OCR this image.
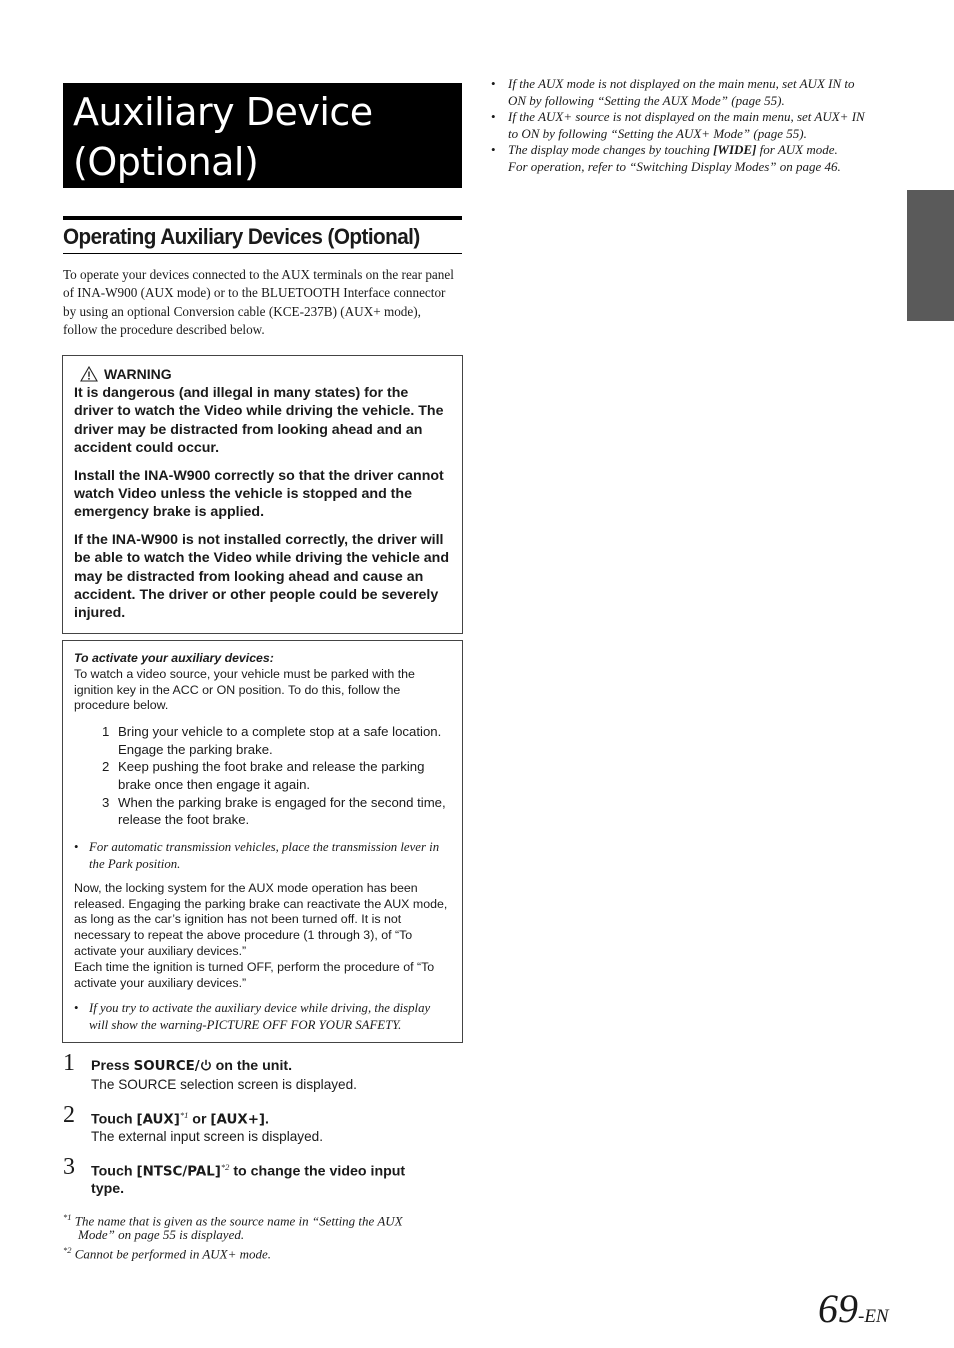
Auxiliary Device
(Optional)
Operating Auxiliary Devices (Optional)
To operate your devices connected to the AUX terminals on the rear panel of INA-W900 (AUX mode) or to the BLUETOOTH Interface connector by using an optional Conversion cable (KCE-237B) (AUX+ mode), follow the procedure described below.
WARNING

It is dangerous (and illegal in many states) for the driver to watch the Video while driving the vehicle. The driver may be distracted from looking ahead and an accident could occur.

Install the INA-W900 correctly so that the driver cannot watch Video unless the vehicle is stopped and the emergency brake is applied.

If the INA-W900 is not installed correctly, the driver will be able to watch the Video while driving the vehicle and may be distracted from looking ahead and cause an accident. The driver or other people could be severely injured.

To activate your auxiliary devices:

To watch a video source, your vehicle must be parked with the ignition key in the ACC or ON position. To do this, follow the procedure below.

1 Bring your vehicle to a complete stop at a safe location. Engage the parking brake.
2 Keep pushing the foot brake and release the parking brake once then engage it again.
3 When the parking brake is engaged for the second time, release the foot brake.
• For automatic transmission vehicles, place the transmission lever in the Park position.

Now, the locking system for the AUX mode operation has been released. Engaging the parking brake can reactivate the AUX mode, as long as the car’s ignition has not been turned off. It is not necessary to repeat the above procedure (1 through 3), of “To activate your auxiliary devices.”

Each time the ignition is turned OFF, perform the procedure of “To activate your auxiliary devices.”

• If you try to activate the auxiliary device while driving, the display will show the warning-PICTURE OFF FOR YOUR SAFETY.
1 Press SOURCE/ on the unit.
The SOURCE selection screen is displayed.
2 Touch [AUX]$^{*1}$ or [AUX+].
The external input screen is displayed.
3 Touch [NTSC/PAL]$^{*2}$ to change the video input
type.
$^{*1}$ The name that is given as the source name in “Setting the AUX
Mode” on page 55 is displayed.
$^{*2}$ Cannot be performed in AUX+ mode.
• If the AUX mode is not displayed on the main menu, set AUX IN to
ON by following “Setting the AUX Mode” (page 55).
• If the AUX+ source is not displayed on the main menu, set AUX+ IN
to ON by following “Setting the AUX+ Mode” (page 55).
• The display mode changes by touching [WIDE] for AUX mode.
For operation, refer to “Switching Display Modes” on page 46.
69-EN
